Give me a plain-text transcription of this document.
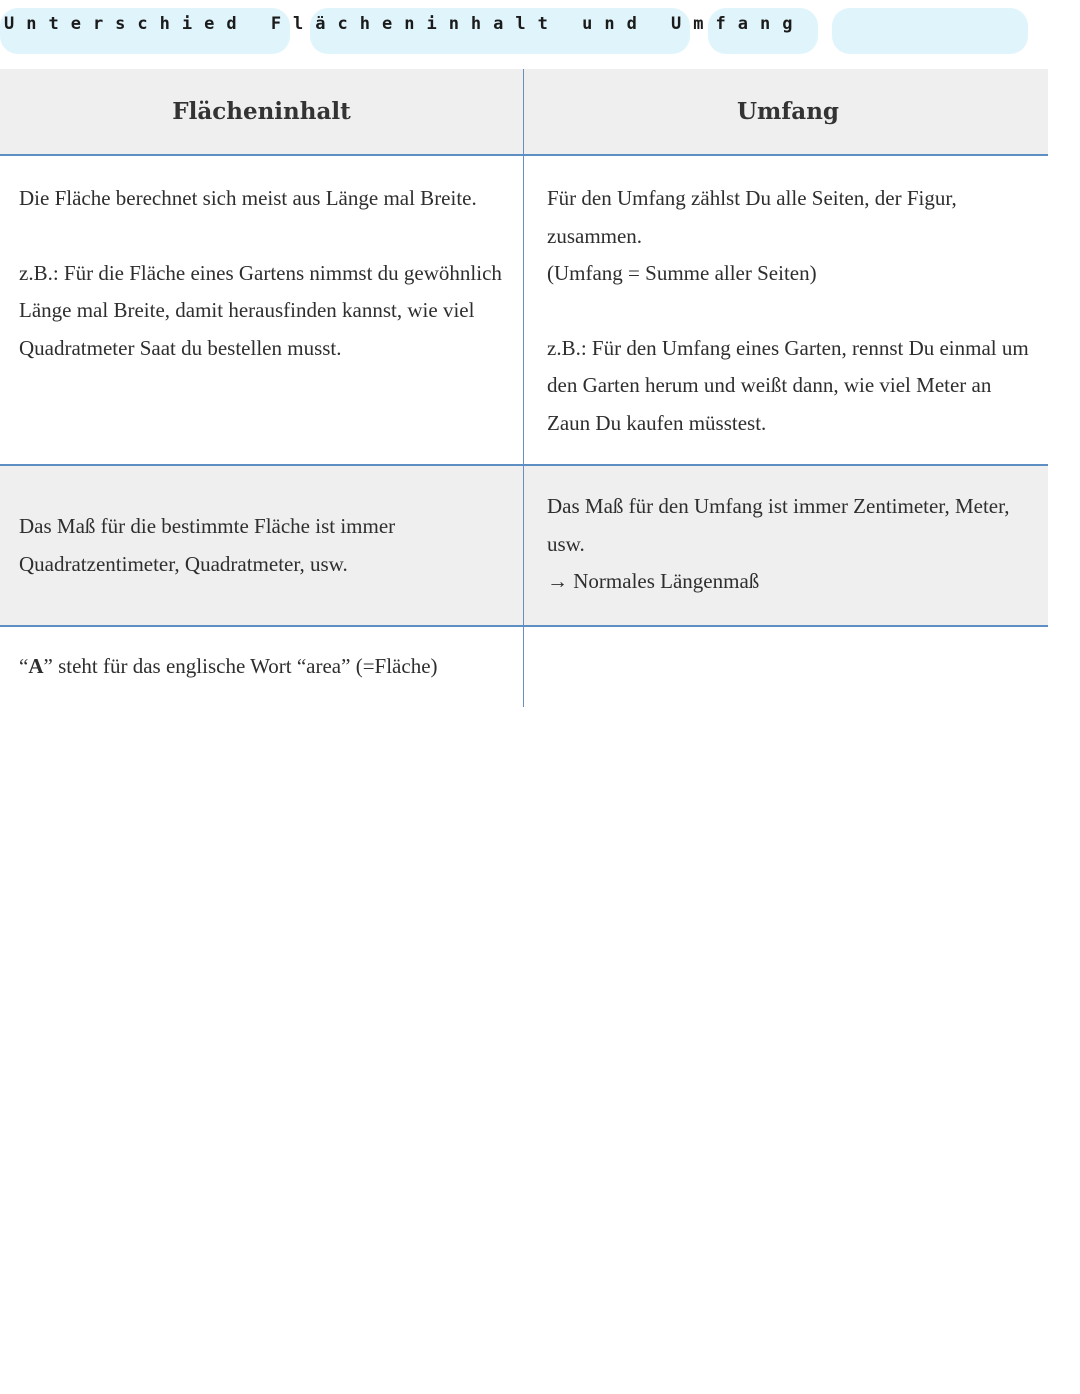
Unterschied Flächeninhalt und Umfang
Flächeninhalt	Umfang
Die Fläche berechnet sich meist aus Länge mal Breite.
z.B.: Für die Fläche eines Gartens nimmst du gewöhnlich Länge mal Breite, damit herausfinden kannst, wie viel Quadratmeter Saat du bestellen musst.
Für den Umfang zählst Du alle Seiten, der Figur, zusammen.
(Umfang = Summe aller Seiten)
z.B.: Für den Umfang eines Garten, rennst Du einmal um den Garten herum und weißt dann, wie viel Meter an Zaun Du kaufen müsstest.
Das Maß für die bestimmte Fläche ist immer Quadratzentimeter, Quadratmeter, usw.
Das Maß für den Umfang ist immer Zentimeter, Meter, usw.
→ Normales Längenmaß
“A” steht für das englische Wort “area” (=Fläche)
